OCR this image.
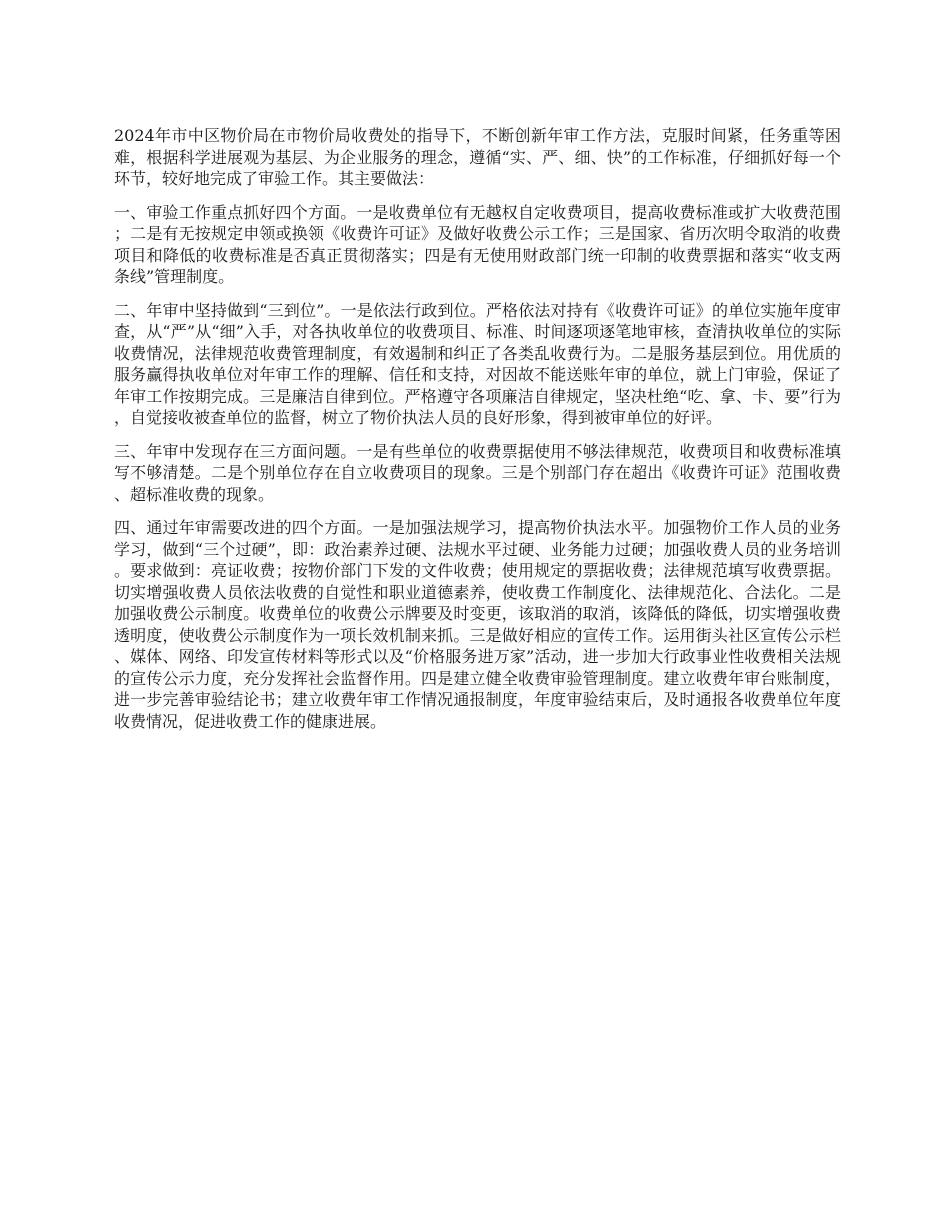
2024年市中区物价局在市物价局收费处的指导下，不断创新年审工作方法，克服时间紧，任务重等困难，根据科学进展观为基层、为企业服务的理念，遵循“实、严、细、快”的工作标准，仔细抓好每一个环节，较好地完成了审验工作。其主要做法：

一、审验工作重点抓好四个方面。一是收费单位有无越权自定收费项目，提高收费标准或扩大收费范围；二是有无按规定申领或换领《收费许可证》及做好收费公示工作；三是国家、省历次明令取消的收费项目和降低的收费标准是否真正贯彻落实；四是有无使用财政部门统一印制的收费票据和落实“收支两条线”管理制度。

二、年审中坚持做到“三到位”。一是依法行政到位。严格依法对持有《收费许可证》的单位实施年度审查，从“严”从“细”入手，对各执收单位的收费项目、标准、时间逐项逐笔地审核，查清执收单位的实际收费情况，法律规范收费管理制度，有效遏制和纠正了各类乱收费行为。二是服务基层到位。用优质的服务赢得执收单位对年审工作的理解、信任和支持，对因故不能送账年审的单位，就上门审验，保证了年审工作按期完成。三是廉洁自律到位。严格遵守各项廉洁自律规定，坚决杜绝“吃、拿、卡、要”行为，自觉接收被查单位的监督，树立了物价执法人员的良好形象，得到被审单位的好评。

三、年审中发现存在三方面问题。一是有些单位的收费票据使用不够法律规范，收费项目和收费标准填写不够清楚。二是个别单位存在自立收费项目的现象。三是个别部门存在超出《收费许可证》范围收费、超标准收费的现象。

四、通过年审需要改进的四个方面。一是加强法规学习，提高物价执法水平。加强物价工作人员的业务学习，做到“三个过硬”，即：政治素养过硬、法规水平过硬、业务能力过硬；加强收费人员的业务培训。要求做到：亮证收费；按物价部门下发的文件收费；使用规定的票据收费；法律规范填写收费票据。切实增强收费人员依法收费的自觉性和职业道德素养，使收费工作制度化、法律规范化、合法化。二是加强收费公示制度。收费单位的收费公示牌要及时变更，该取消的取消，该降低的降低，切实增强收费透明度，使收费公示制度作为一项长效机制来抓。三是做好相应的宣传工作。运用街头社区宣传公示栏、媒体、网络、印发宣传材料等形式以及“价格服务进万家”活动，进一步加大行政事业性收费相关法规的宣传公示力度，充分发挥社会监督作用。四是建立健全收费审验管理制度。建立收费年审台账制度，进一步完善审验结论书；建立收费年审工作情况通报制度，年度审验结束后，及时通报各收费单位年度收费情况，促进收费工作的健康进展。
